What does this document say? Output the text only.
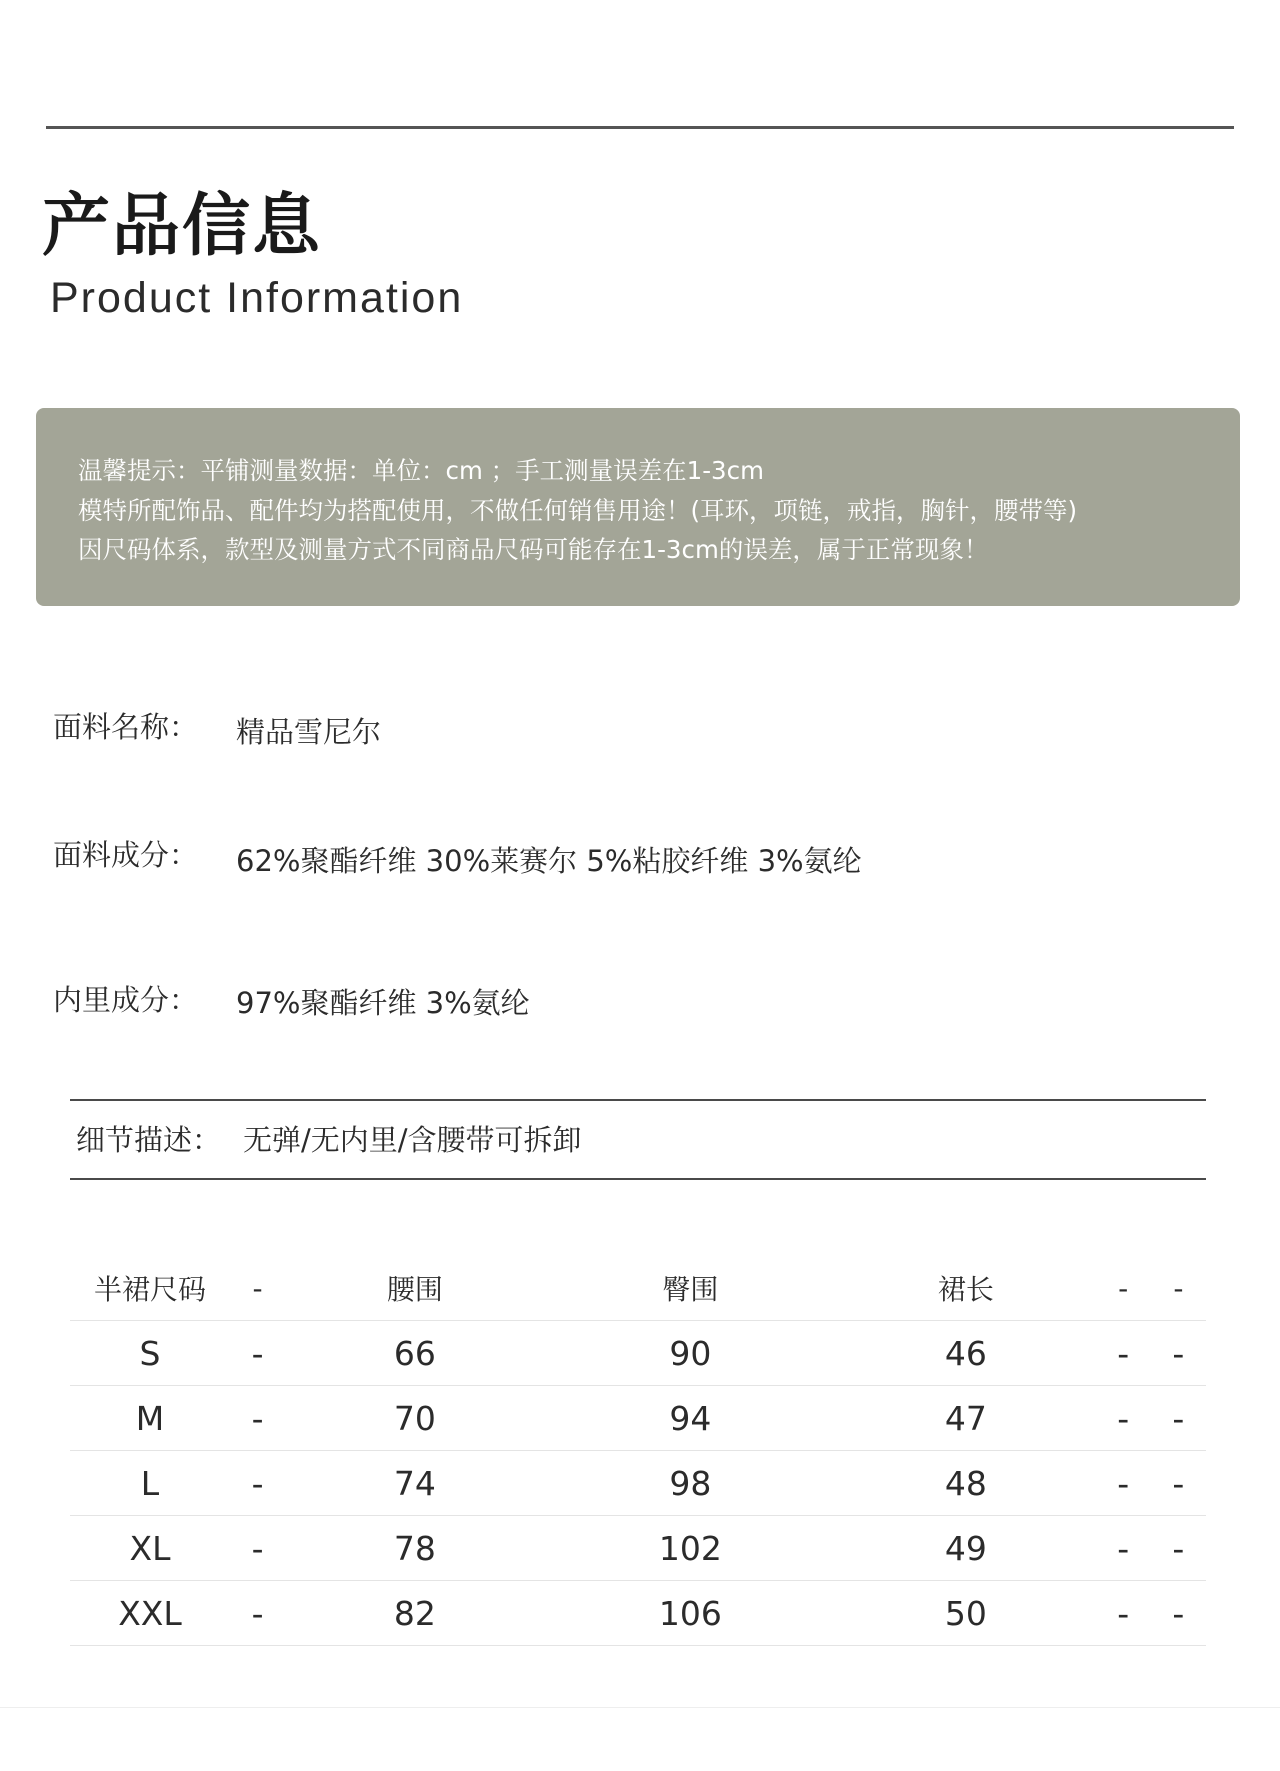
产品信息
Product Information
温馨提示：平铺测量数据：单位：cm ；手工测量误差在1-3cm
模特所配饰品、配件均为搭配使用，不做任何销售用途！(耳环，项链，戒指，胸针，腰带等)
因尺码体系，款型及测量方式不同商品尺码可能存在1-3cm的误差，属于正常现象！
面料名称： 精品雪尼尔
面料成分： 62%聚酯纤维 30%莱赛尔 5%粘胶纤维 3%氨纶
内里成分： 97%聚酯纤维 3%氨纶
细节描述： 无弹/无内里/含腰带可拆卸
半裙尺码	-	腰围	臀围	裙长	-	-
S	-	66	90	46	-	-
M	-	70	94	47	-	-
L	-	74	98	48	-	-
XL	-	78	102	49	-	-
XXL	-	82	106	50	-	-
